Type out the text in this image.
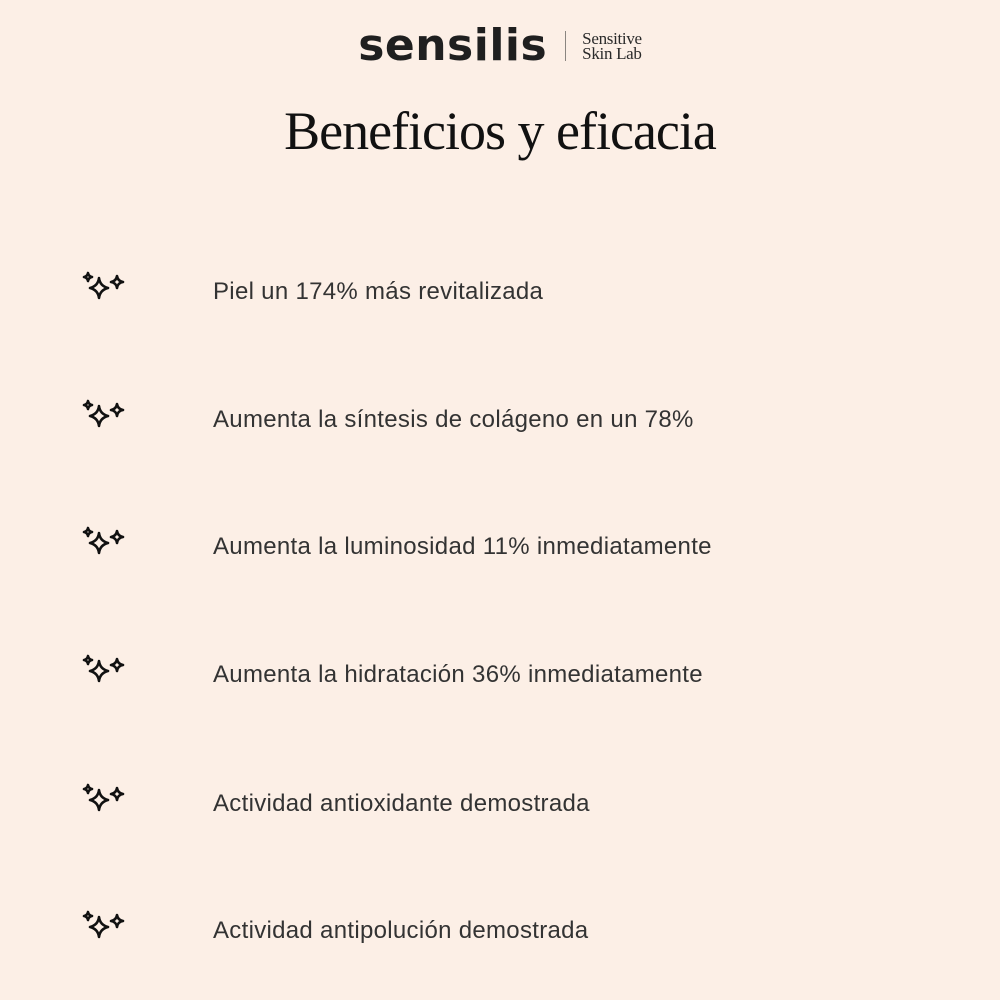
sensilis Sensitive
Skin Lab
Beneficios y eficacia
Piel un 174% más revitalizada
Aumenta la síntesis de colágeno en un 78%
Aumenta la luminosidad 11% inmediatamente
Aumenta la hidratación 36% inmediatamente
Actividad antioxidante demostrada
Actividad antipolución demostrada
